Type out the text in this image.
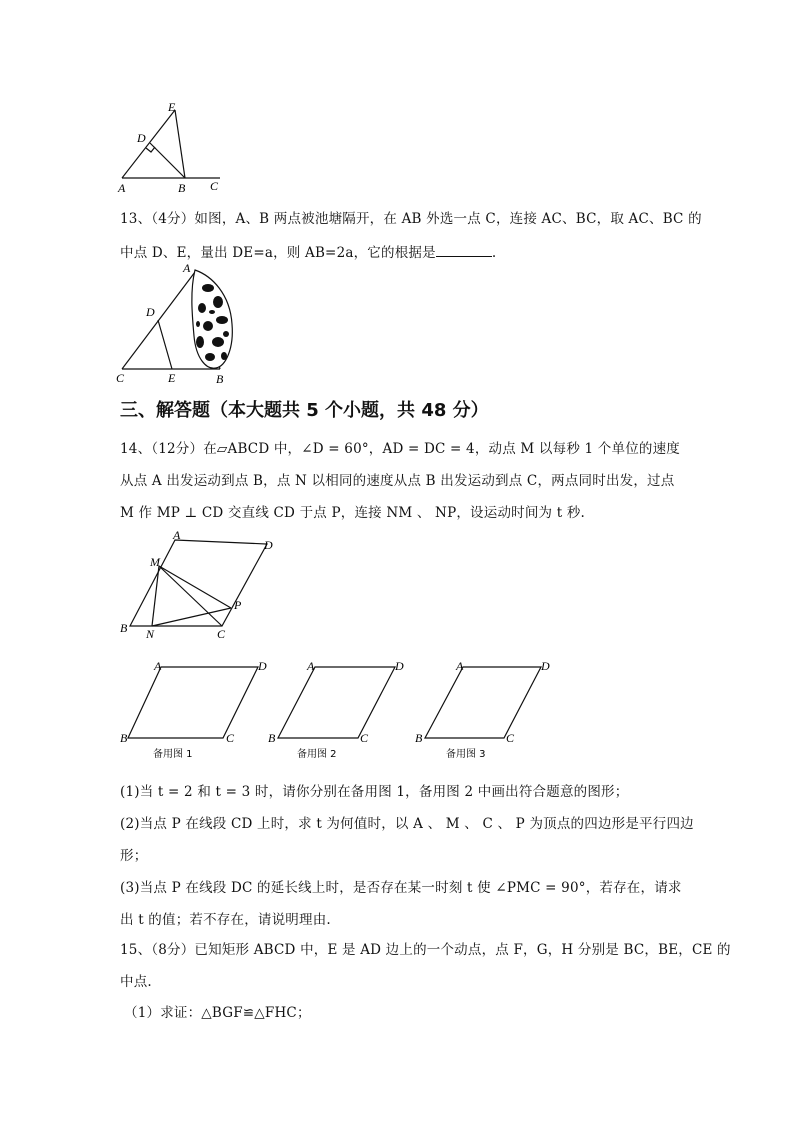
E
D
A	B C
13、（4分）如图，A、B 两点被池塘隔开，在 AB 外选一点 C，连接 AC、BC，取 AC、BC 的
中点 D、E，量出 DE=a，则 AB=2a，它的根据是	.
A
D
C	E	B
三、解答题（本大题共 5 个小题，共 48 分）
14、（12分）在▱ABCD 中，∠D = 60°，AD = DC = 4，动点 M 以每秒 1 个单位的速度
从点 A 出发运动到点 B，点 N 以相同的速度从点 B 出发运动到点 C，两点同时出发，过点
M 作 MP ⊥ CD 交直线 CD 于点 P，连接 NM 、 NP，设运动时间为 t 秒.
A
D
M
P
B N	C
A	D
B	C
备用图 1
A	D
B	C
备用图 2
A	D
B	C
备用图 3
(1)当 t = 2 和 t = 3 时，请你分别在备用图 1，备用图 2 中画出符合题意的图形；
(2)当点 P 在线段 CD 上时，求 t 为何值时，以 A 、 M 、 C 、 P 为顶点的四边形是平行四边
形；
(3)当点 P 在线段 DC 的延长线上时，是否存在某一时刻 t 使 ∠PMC = 90°，若存在，请求
出 t 的值；若不存在，请说明理由.
15、（8分）已知矩形 ABCD 中，E 是 AD 边上的一个动点，点 F，G，H 分别是 BC，BE，CE 的
中点.
（1）求证：△BGF≌△FHC；
